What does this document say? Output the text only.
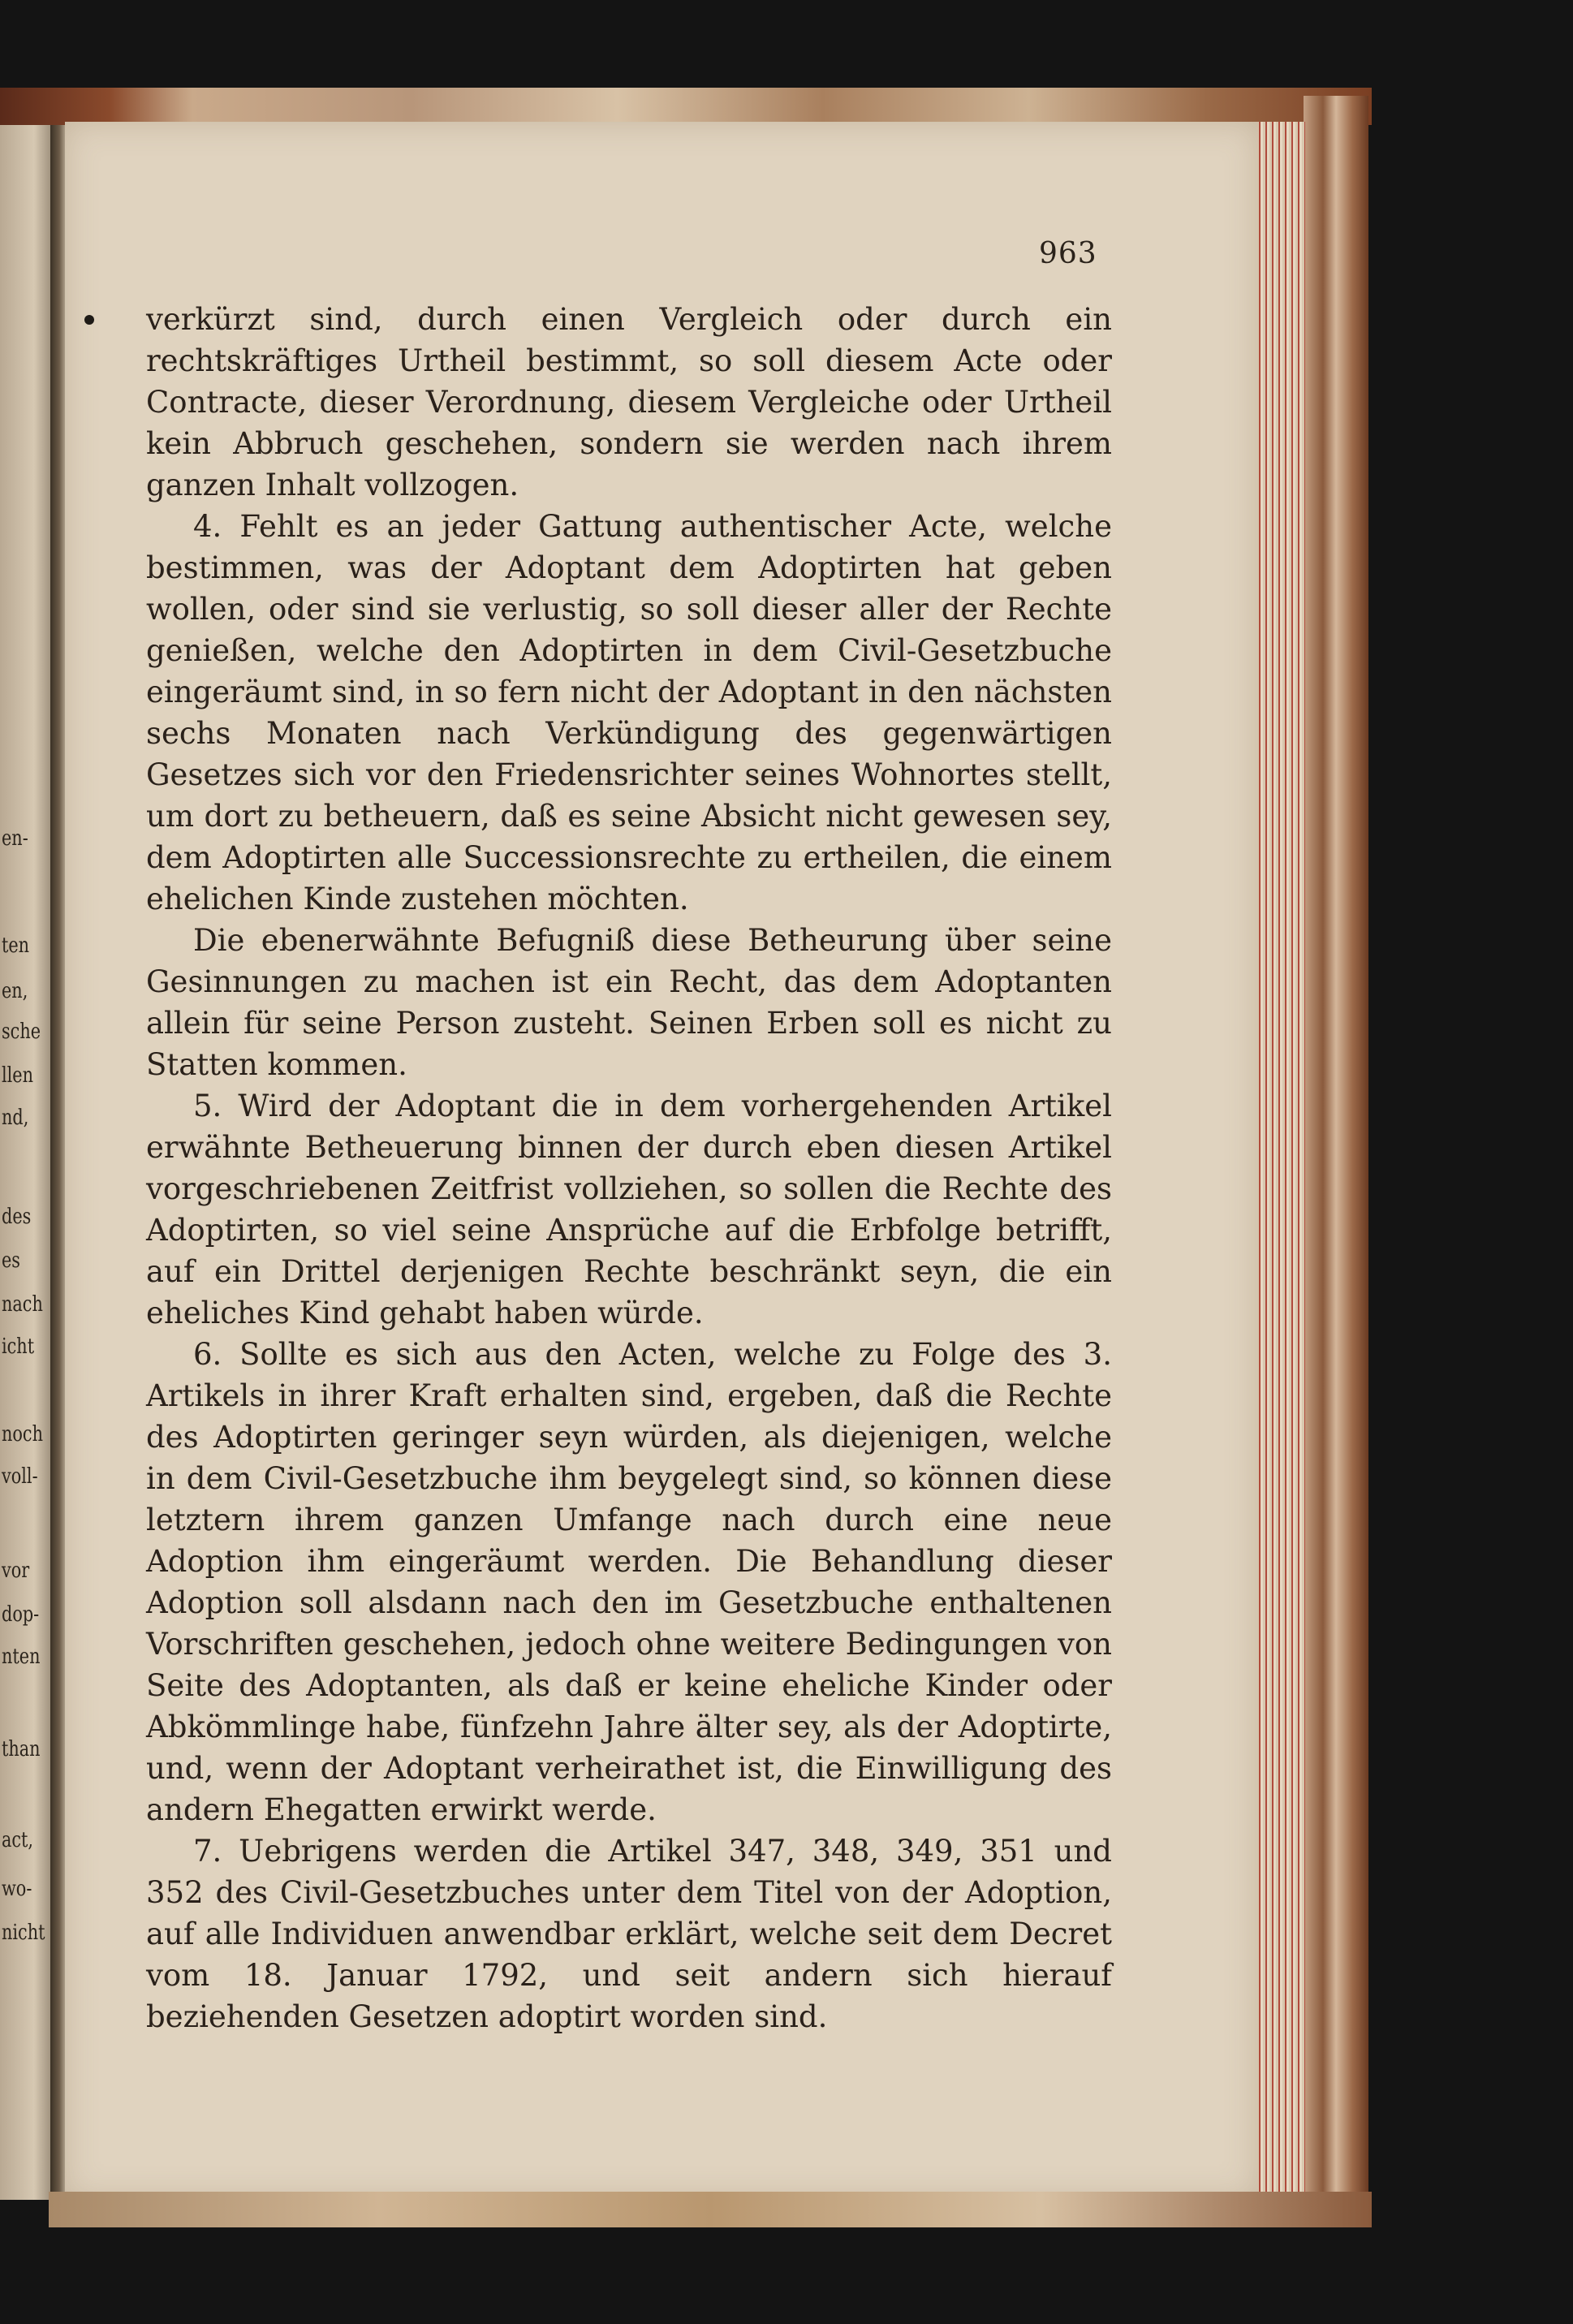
en-
ten
en,
sche
llen
nd,
des
es
nach
icht
noch
voll-
vor
dop-
nten
than
act,
wo-
nicht
963

verkürzt sind, durch einen Vergleich oder durch ein rechtskräftiges Urtheil bestimmt, so soll diesem Acte oder Contracte, dieser Verordnung, diesem Vergleiche oder Urtheil kein Abbruch geschehen, sondern sie werden nach ihrem ganzen Inhalt vollzogen.

4. Fehlt es an jeder Gattung authentischer Acte, welche bestimmen, was der Adoptant dem Adoptirten hat geben wollen, oder sind sie verlustig, so soll dieser aller der Rechte genießen, welche den Adoptirten in dem Civil-Gesetzbuche eingeräumt sind, in so fern nicht der Adoptant in den nächsten sechs Monaten nach Verkündigung des gegenwärtigen Gesetzes sich vor den Friedensrichter seines Wohnortes stellt, um dort zu betheuern, daß es seine Absicht nicht gewesen sey, dem Adoptirten alle Successionsrechte zu ertheilen, die einem ehelichen Kinde zustehen möchten.

Die ebenerwähnte Befugniß diese Betheurung über seine Gesinnungen zu machen ist ein Recht, das dem Adoptanten allein für seine Person zusteht. Seinen Erben soll es nicht zu Statten kommen.

5. Wird der Adoptant die in dem vorhergehenden Artikel erwähnte Betheuerung binnen der durch eben diesen Artikel vorgeschriebenen Zeitfrist vollziehen, so sollen die Rechte des Adoptirten, so viel seine Ansprüche auf die Erbfolge betrifft, auf ein Drittel derjenigen Rechte beschränkt seyn, die ein eheliches Kind gehabt haben würde.

6. Sollte es sich aus den Acten, welche zu Folge des 3. Artikels in ihrer Kraft erhalten sind, ergeben, daß die Rechte des Adoptirten geringer seyn würden, als diejenigen, welche in dem Civil-Gesetzbuche ihm beygelegt sind, so können diese letztern ihrem ganzen Umfange nach durch eine neue Adoption ihm eingeräumt werden. Die Behandlung dieser Adoption soll alsdann nach den im Gesetzbuche enthaltenen Vorschriften geschehen, jedoch ohne weitere Bedingungen von Seite des Adoptanten, als daß er keine eheliche Kinder oder Abkömmlinge habe, fünfzehn Jahre älter sey, als der Adoptirte, und, wenn der Adoptant verheirathet ist, die Einwilligung des andern Ehegatten erwirkt werde.

7. Uebrigens werden die Artikel 347, 348, 349, 351 und 352 des Civil-Gesetzbuches unter dem Titel von der Adoption, auf alle Individuen anwendbar erklärt, welche seit dem Decret vom 18. Januar 1792, und seit andern sich hierauf beziehenden Gesetzen adoptirt worden sind.
